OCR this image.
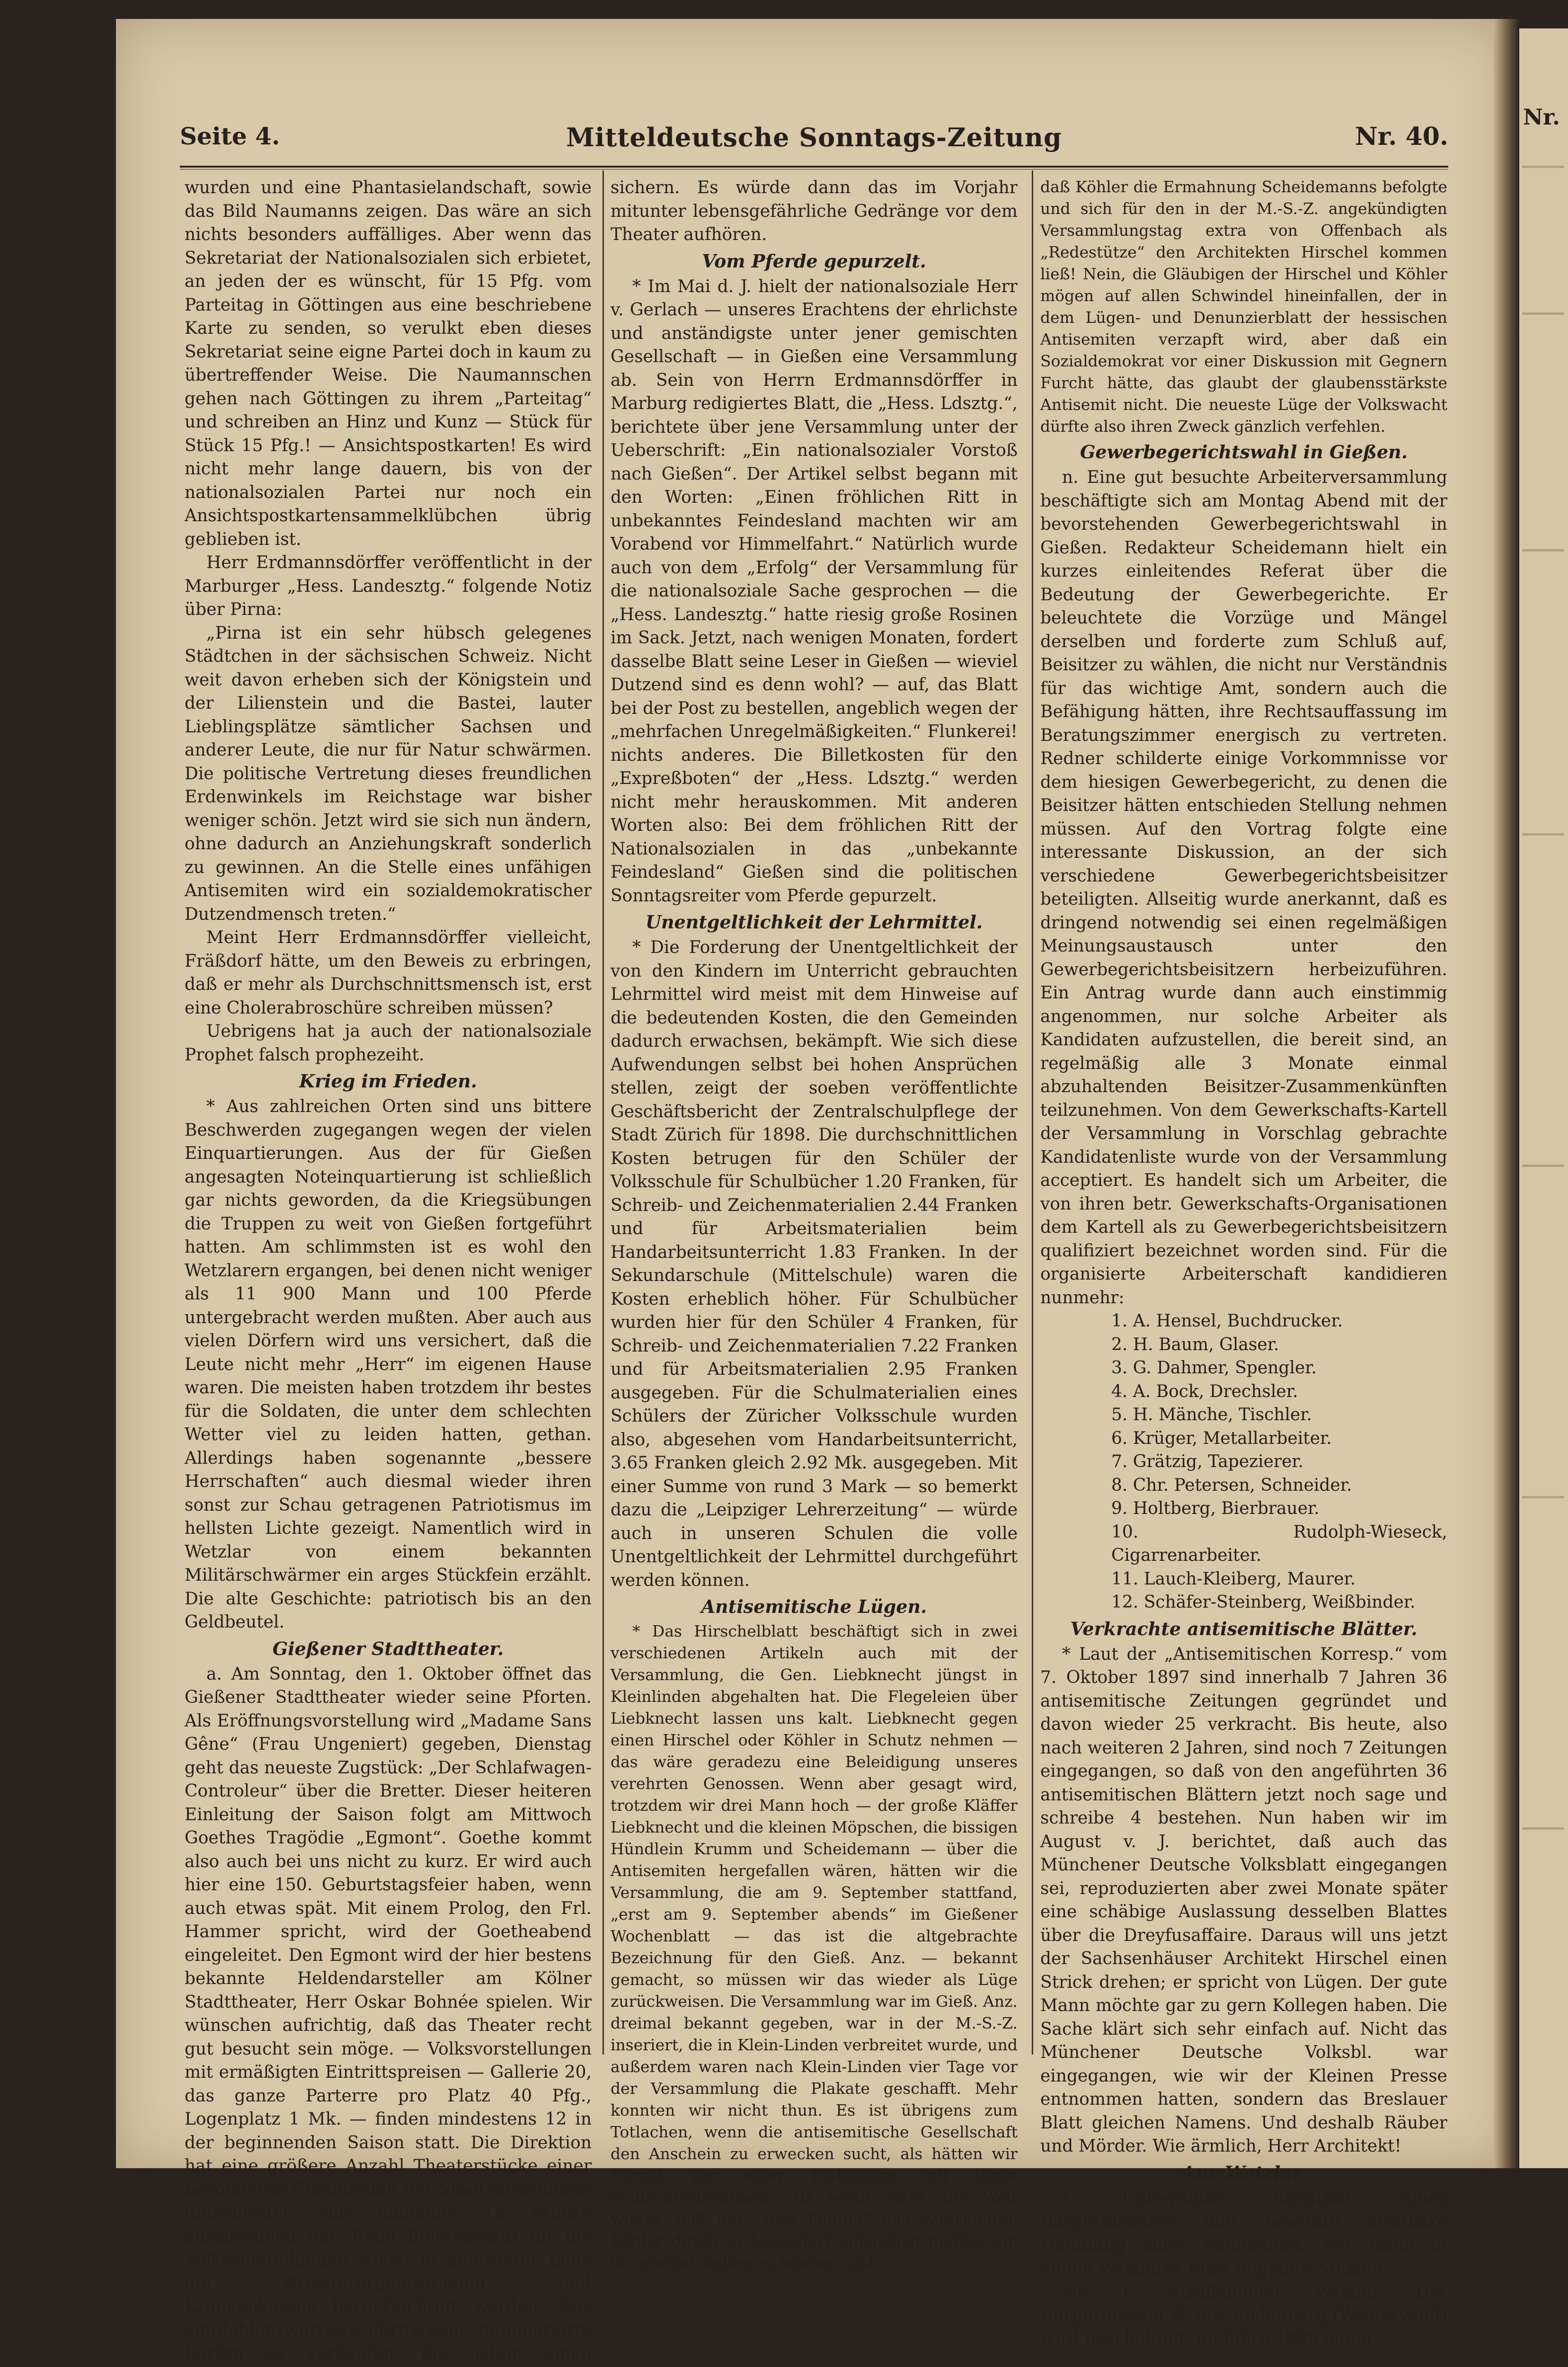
Nr.
Seite 4.	Mitteldeutsche Sonntags-Zeitung	Nr. 40.

wurden und eine Phantasielandschaft, sowie das Bild Naumanns zeigen. Das wäre an sich nichts besonders auffälliges. Aber wenn das Sekretariat der Nationalsozialen sich erbietet, an jeden der es wünscht, für 15 Pfg. vom Parteitag in Göttingen aus eine beschriebene Karte zu senden, so verulkt eben dieses Sekretariat seine eigne Partei doch in kaum zu übertreffender Weise. Die Naumannschen gehen nach Göttingen zu ihrem „Parteitag“ und schreiben an Hinz und Kunz — Stück für Stück 15 Pfg.! — Ansichtspostkarten! Es wird nicht mehr lange dauern, bis von der nationalsozialen Partei nur noch ein Ansichtspostkartensammelklübchen übrig geblieben ist.

Herr Erdmannsdörffer veröffentlicht in der Marburger „Hess. Landesztg.“ folgende Notiz über Pirna:

„Pirna ist ein sehr hübsch gelegenes Städtchen in der sächsischen Schweiz. Nicht weit davon erheben sich der Königstein und der Lilienstein und die Bastei, lauter Lieblingsplätze sämtlicher Sachsen und anderer Leute, die nur für Natur schwärmen. Die politische Vertretung dieses freundlichen Erdenwinkels im Reichstage war bisher weniger schön. Jetzt wird sie sich nun ändern, ohne dadurch an Anziehungskraft sonderlich zu gewinnen. An die Stelle eines unfähigen Antisemiten wird ein sozialdemokratischer Dutzendmensch treten.“

Meint Herr Erdmannsdörffer vielleicht, Fräßdorf hätte, um den Beweis zu erbringen, daß er mehr als Durchschnittsmensch ist, erst eine Cholerabroschüre schreiben müssen?

Uebrigens hat ja auch der nationalsoziale Prophet falsch prophezeiht.

Krieg im Frieden.

* Aus zahlreichen Orten sind uns bittere Beschwerden zugegangen wegen der vielen Einquartierungen. Aus der für Gießen angesagten Noteinquartierung ist schließlich gar nichts geworden, da die Kriegsübungen die Truppen zu weit von Gießen fortgeführt hatten. Am schlimmsten ist es wohl den Wetzlarern ergangen, bei denen nicht weniger als 11 900 Mann und 100 Pferde untergebracht werden mußten. Aber auch aus vielen Dörfern wird uns versichert, daß die Leute nicht mehr „Herr“ im eigenen Hause waren. Die meisten haben trotzdem ihr bestes für die Soldaten, die unter dem schlechten Wetter viel zu leiden hatten, gethan. Allerdings haben sogenannte „bessere Herrschaften“ auch diesmal wieder ihren sonst zur Schau getragenen Patriotismus im hellsten Lichte gezeigt. Namentlich wird in Wetzlar von einem bekannten Militärschwärmer ein arges Stückfein erzählt. Die alte Geschichte: patriotisch bis an den Geldbeutel.

Gießener Stadttheater.

a. Am Sonntag, den 1. Oktober öffnet das Gießener Stadttheater wieder seine Pforten. Als Eröffnungsvorstellung wird „Madame Sans Gêne“ (Frau Ungeniert) gegeben, Dienstag geht das neueste Zugstück: „Der Schlafwagen-Controleur“ über die Bretter. Dieser heiteren Einleitung der Saison folgt am Mittwoch Goethes Tragödie „Egmont“. Goethe kommt also auch bei uns nicht zu kurz. Er wird auch hier eine 150. Geburtstagsfeier haben, wenn auch etwas spät. Mit einem Prolog, den Frl. Hammer spricht, wird der Goetheabend eingeleitet. Den Egmont wird der hier bestens bekannte Heldendarsteller am Kölner Stadttheater, Herr Oskar Bohnée spielen. Wir wünschen aufrichtig, daß das Theater recht gut besucht sein möge. — Volksvorstellungen mit ermäßigten Eintrittspreisen — Gallerie 20, das ganze Parterre pro Platz 40 Pfg., Logenplatz 1 Mk. — finden mindestens 12 in der beginnenden Saison statt. Die Direktion hat eine größere Anzahl Theaterstücke einer besonderen Commission der Stadtverordneten unterbreitet, die nunmehr 12 Stücke auszuwählen hat. Beim Billetverkauf für die Volksvorstellungen sollen in allererster Linie die Arbeiterorganisationen und Krankenkassen berücksichtigt werden. Das empfehlenswerteste dürfte sein, nummerierte Karten zu verkaufen, die jedem einen

sichern. Es würde dann das im Vorjahr mitunter lebensgefährliche Gedränge vor dem Theater aufhören.

Vom Pferde gepurzelt.

* Im Mai d. J. hielt der nationalsoziale Herr v. Gerlach — unseres Erachtens der ehrlichste und anständigste unter jener gemischten Gesellschaft — in Gießen eine Versammlung ab. Sein von Herrn Erdmannsdörffer in Marburg redigiertes Blatt, die „Hess. Ldsztg.“, berichtete über jene Versammlung unter der Ueberschrift: „Ein nationalsozialer Vorstoß nach Gießen“. Der Artikel selbst begann mit den Worten: „Einen fröhlichen Ritt in unbekanntes Feindesland machten wir am Vorabend vor Himmelfahrt.“ Natürlich wurde auch von dem „Erfolg“ der Versammlung für die nationalsoziale Sache gesprochen — die „Hess. Landesztg.“ hatte riesig große Rosinen im Sack. Jetzt, nach wenigen Monaten, fordert dasselbe Blatt seine Leser in Gießen — wieviel Dutzend sind es denn wohl? — auf, das Blatt bei der Post zu bestellen, angeblich wegen der „mehrfachen Unregelmäßigkeiten.“ Flunkerei! nichts anderes. Die Billetkosten für den „Expreßboten“ der „Hess. Ldsztg.“ werden nicht mehr herauskommen. Mit anderen Worten also: Bei dem fröhlichen Ritt der Nationalsozialen in das „unbekannte Feindesland“ Gießen sind die politischen Sonntagsreiter vom Pferde gepurzelt.

Unentgeltlichkeit der Lehrmittel.

* Die Forderung der Unentgeltlichkeit der von den Kindern im Unterricht gebrauchten Lehrmittel wird meist mit dem Hinweise auf die bedeutenden Kosten, die den Gemeinden dadurch erwachsen, bekämpft. Wie sich diese Aufwendungen selbst bei hohen Ansprüchen stellen, zeigt der soeben veröffentlichte Geschäftsbericht der Zentralschulpflege der Stadt Zürich für 1898. Die durchschnittlichen Kosten betrugen für den Schüler der Volksschule für Schulbücher 1.20 Franken, für Schreib- und Zeichenmaterialien 2.44 Franken und für Arbeitsmaterialien beim Handarbeitsunterricht 1.83 Franken. In der Sekundarschule (Mittelschule) waren die Kosten erheblich höher. Für Schulbücher wurden hier für den Schüler 4 Franken, für Schreib- und Zeichenmaterialien 7.22 Franken und für Arbeitsmaterialien 2.95 Franken ausgegeben. Für die Schulmaterialien eines Schülers der Züricher Volksschule wurden also, abgesehen vom Handarbeitsunterricht, 3.65 Franken gleich 2.92 Mk. ausgegeben. Mit einer Summe von rund 3 Mark — so bemerkt dazu die „Leipziger Lehrerzeitung“ — würde auch in unseren Schulen die volle Unentgeltlichkeit der Lehrmittel durchgeführt werden können.

Antisemitische Lügen.

* Das Hirschelblatt beschäftigt sich in zwei verschiedenen Artikeln auch mit der Versammlung, die Gen. Liebknecht jüngst in Kleinlinden abgehalten hat. Die Flegeleien über Liebknecht lassen uns kalt. Liebknecht gegen einen Hirschel oder Köhler in Schutz nehmen — das wäre geradezu eine Beleidigung unseres verehrten Genossen. Wenn aber gesagt wird, trotzdem wir drei Mann hoch — der große Kläffer Liebknecht und die kleinen Möpschen, die bissigen Hündlein Krumm und Scheidemann — über die Antisemiten hergefallen wären, hätten wir die Versammlung, die am 9. September stattfand, „erst am 9. September abends“ im Gießener Wochenblatt — das ist die altgebrachte Bezeichnung für den Gieß. Anz. — bekannt gemacht, so müssen wir das wieder als Lüge zurückweisen. Die Versammlung war im Gieß. Anz. dreimal bekannt gegeben, war in der M.-S.-Z. inseriert, die in Klein-Linden verbreitet wurde, und außerdem waren nach Klein-Linden vier Tage vor der Versammlung die Plakate geschafft. Mehr konnten wir nicht thun. Es ist übrigens zum Totlachen, wenn die antisemitische Gesellschaft den Anschein zu erwecken sucht, als hätten wir Furcht vor einer Diskussion mit ihren Schlechtschwätzern. Als wenn nicht alle Welt wüßte, daß der „rote Philipp“ den Antisemiten Köhler direkt in Langsdorf aufsuchen mußte, um ihn einmal stellen zu können und

daß Köhler die Ermahnung Scheidemanns befolgte und sich für den in der M.-S.-Z. angekündigten Versammlungstag extra von Offenbach als „Redestütze“ den Architekten Hirschel kommen ließ! Nein, die Gläubigen der Hirschel und Köhler mögen auf allen Schwindel hineinfallen, der in dem Lügen- und Denunzierblatt der hessischen Antisemiten verzapft wird, aber daß ein Sozialdemokrat vor einer Diskussion mit Gegnern Furcht hätte, das glaubt der glaubensstärkste Antisemit nicht. Die neueste Lüge der Volkswacht dürfte also ihren Zweck gänzlich verfehlen.

Gewerbegerichtswahl in Gießen.

n. Eine gut besuchte Arbeiterversammlung beschäftigte sich am Montag Abend mit der bevorstehenden Gewerbegerichtswahl in Gießen. Redakteur Scheidemann hielt ein kurzes einleitendes Referat über die Bedeutung der Gewerbegerichte. Er beleuchtete die Vorzüge und Mängel derselben und forderte zum Schluß auf, Beisitzer zu wählen, die nicht nur Verständnis für das wichtige Amt, sondern auch die Befähigung hätten, ihre Rechtsauffassung im Beratungszimmer energisch zu vertreten. Redner schilderte einige Vorkommnisse vor dem hiesigen Gewerbegericht, zu denen die Beisitzer hätten entschieden Stellung nehmen müssen. Auf den Vortrag folgte eine interessante Diskussion, an der sich verschiedene Gewerbegerichtsbeisitzer beteiligten. Allseitig wurde anerkannt, daß es dringend notwendig sei einen regelmäßigen Meinungsaustausch unter den Gewerbegerichtsbeisitzern herbeizuführen. Ein Antrag wurde dann auch einstimmig angenommen, nur solche Arbeiter als Kandidaten aufzustellen, die bereit sind, an regelmäßig alle 3 Monate einmal abzuhaltenden Beisitzer-Zusammenkünften teilzunehmen. Von dem Gewerkschafts-Kartell der Versammlung in Vorschlag gebrachte Kandidatenliste wurde von der Versammlung acceptiert. Es handelt sich um Arbeiter, die von ihren betr. Gewerkschafts-Organisationen dem Kartell als zu Gewerbegerichtsbeisitzern qualifiziert bezeichnet worden sind. Für die organisierte Arbeiterschaft kandidieren nunmehr:

1. A. Hensel, Buchdrucker.
2. H. Baum, Glaser.
3. G. Dahmer, Spengler.
4. A. Bock, Drechsler.
5. H. Mänche, Tischler.
6. Krüger, Metallarbeiter.
7. Grätzig, Tapezierer.
8. Chr. Petersen, Schneider.
9. Holtberg, Bierbrauer.
10. Rudolph-Wieseck, Cigarrenarbeiter.
11. Lauch-Kleiberg, Maurer.
12. Schäfer-Steinberg, Weißbinder.
Verkrachte antisemitische Blätter.

* Laut der „Antisemitischen Korresp.“ vom 7. Oktober 1897 sind innerhalb 7 Jahren 36 antisemitische Zeitungen gegründet und davon wieder 25 verkracht. Bis heute, also nach weiteren 2 Jahren, sind noch 7 Zeitungen eingegangen, so daß von den angeführten 36 antisemitischen Blättern jetzt noch sage und schreibe 4 bestehen. Nun haben wir im August v. J. berichtet, daß auch das Münchener Deutsche Volksblatt eingegangen sei, reproduzierten aber zwei Monate später eine schäbige Auslassung desselben Blattes über die Dreyfusaffaire. Daraus will uns jetzt der Sachsenhäuser Architekt Hirschel einen Strick drehen; er spricht von Lügen. Der gute Mann möchte gar zu gern Kollegen haben. Die Sache klärt sich sehr einfach auf. Nicht das Münchener Deutsche Volksbl. war eingegangen, wie wir der Kleinen Presse entnommen hatten, sondern das Breslauer Blatt gleichen Namens. Und deshalb Räuber und Mörder. Wie ärmlich, Herr Architekt!

Aus Wetzlar.

* Unbewußte Strafthat eines Bürgermeisters und bewußte strafbare Handlung eines Schneiders. Wir lesen in einem Wetzlarer Blatt folgende Notizen:

Nr. 1. Strafkammer Wetzlar. Der Bürgermeister G. aus Rodenberg (Westerwald) wird beschuldigt, im Jahre 1898 einen
